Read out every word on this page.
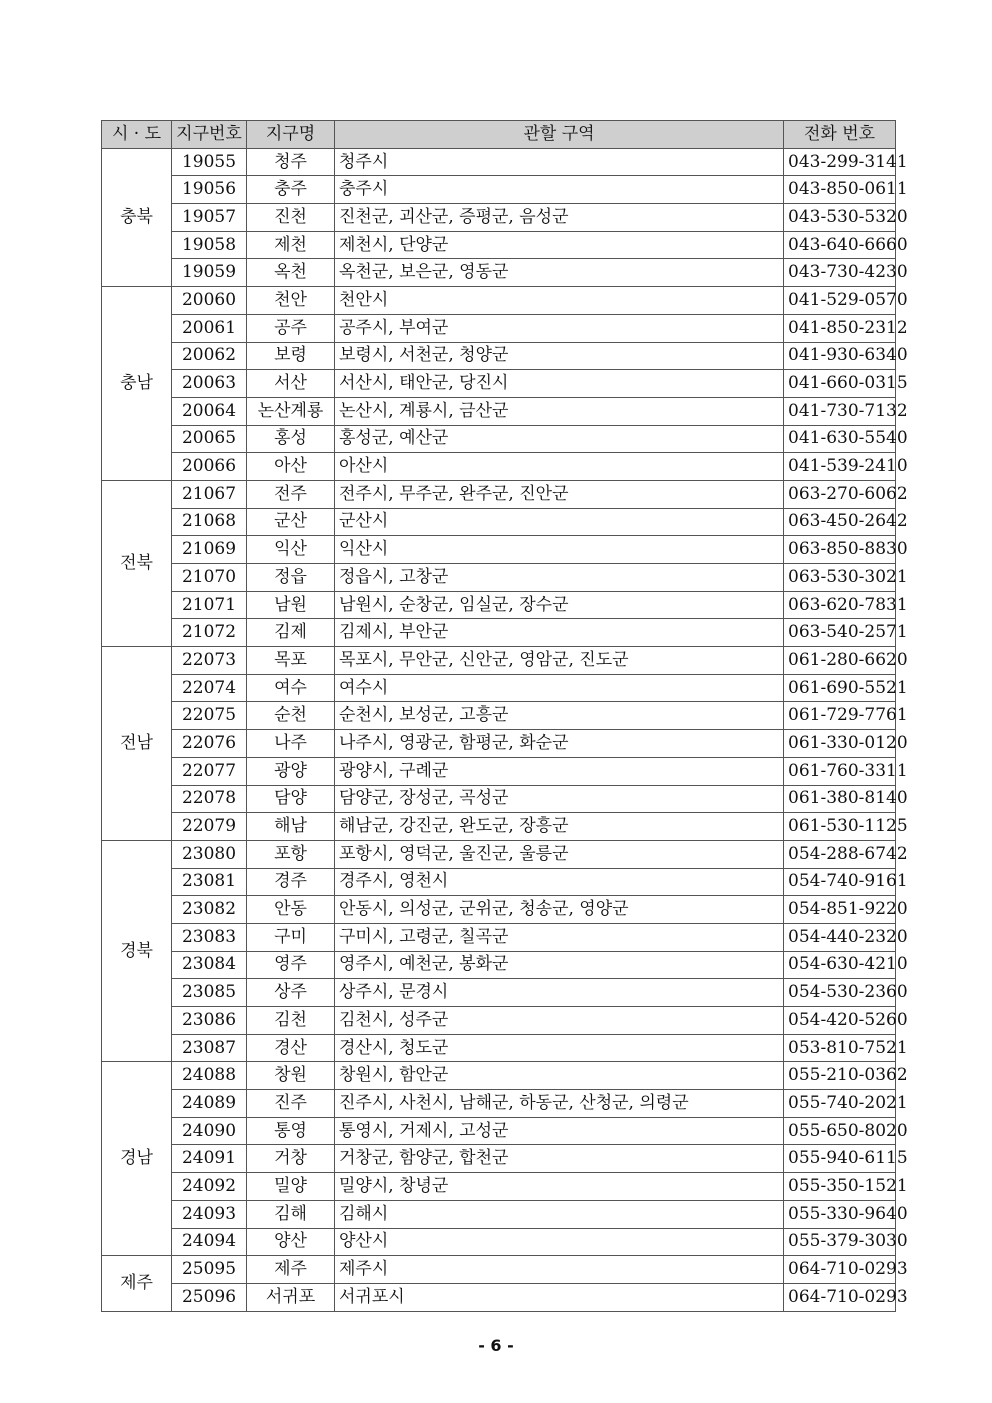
시 · 도	지구번호	지구명	관할 구역	전화 번호
충북	19055	청주	청주시	043-299-3141
	19056	충주	충주시	043-850-0611
	19057	진천	진천군, 괴산군, 증평군, 음성군	043-530-5320
	19058	제천	제천시, 단양군	043-640-6660
	19059	옥천	옥천군, 보은군, 영동군	043-730-4230
충남	20060	천안	천안시	041-529-0570
	20061	공주	공주시, 부여군	041-850-2312
	20062	보령	보령시, 서천군, 청양군	041-930-6340
	20063	서산	서산시, 태안군, 당진시	041-660-0315
	20064	논산계룡	논산시, 계룡시, 금산군	041-730-7132
	20065	홍성	홍성군, 예산군	041-630-5540
	20066	아산	아산시	041-539-2410
전북	21067	전주	전주시, 무주군, 완주군, 진안군	063-270-6062
	21068	군산	군산시	063-450-2642
	21069	익산	익산시	063-850-8830
	21070	정읍	정읍시, 고창군	063-530-3021
	21071	남원	남원시, 순창군, 임실군, 장수군	063-620-7831
	21072	김제	김제시, 부안군	063-540-2571
전남	22073	목포	목포시, 무안군, 신안군, 영암군, 진도군	061-280-6620
	22074	여수	여수시	061-690-5521
	22075	순천	순천시, 보성군, 고흥군	061-729-7761
	22076	나주	나주시, 영광군, 함평군, 화순군	061-330-0120
	22077	광양	광양시, 구례군	061-760-3311
	22078	담양	담양군, 장성군, 곡성군	061-380-8140
	22079	해남	해남군, 강진군, 완도군, 장흥군	061-530-1125
경북	23080	포항	포항시, 영덕군, 울진군, 울릉군	054-288-6742
	23081	경주	경주시, 영천시	054-740-9161
	23082	안동	안동시, 의성군, 군위군, 청송군, 영양군	054-851-9220
	23083	구미	구미시, 고령군, 칠곡군	054-440-2320
	23084	영주	영주시, 예천군, 봉화군	054-630-4210
	23085	상주	상주시, 문경시	054-530-2360
	23086	김천	김천시, 성주군	054-420-5260
	23087	경산	경산시, 청도군	053-810-7521
경남	24088	창원	창원시, 함안군	055-210-0362
	24089	진주	진주시, 사천시, 남해군, 하동군, 산청군, 의령군	055-740-2021
	24090	통영	통영시, 거제시, 고성군	055-650-8020
	24091	거창	거창군, 함양군, 합천군	055-940-6115
	24092	밀양	밀양시, 창녕군	055-350-1521
	24093	김해	김해시	055-330-9640
	24094	양산	양산시	055-379-3030
제주	25095	제주	제주시	064-710-0293
	25096	서귀포	서귀포시	064-710-0293
- 6 -
